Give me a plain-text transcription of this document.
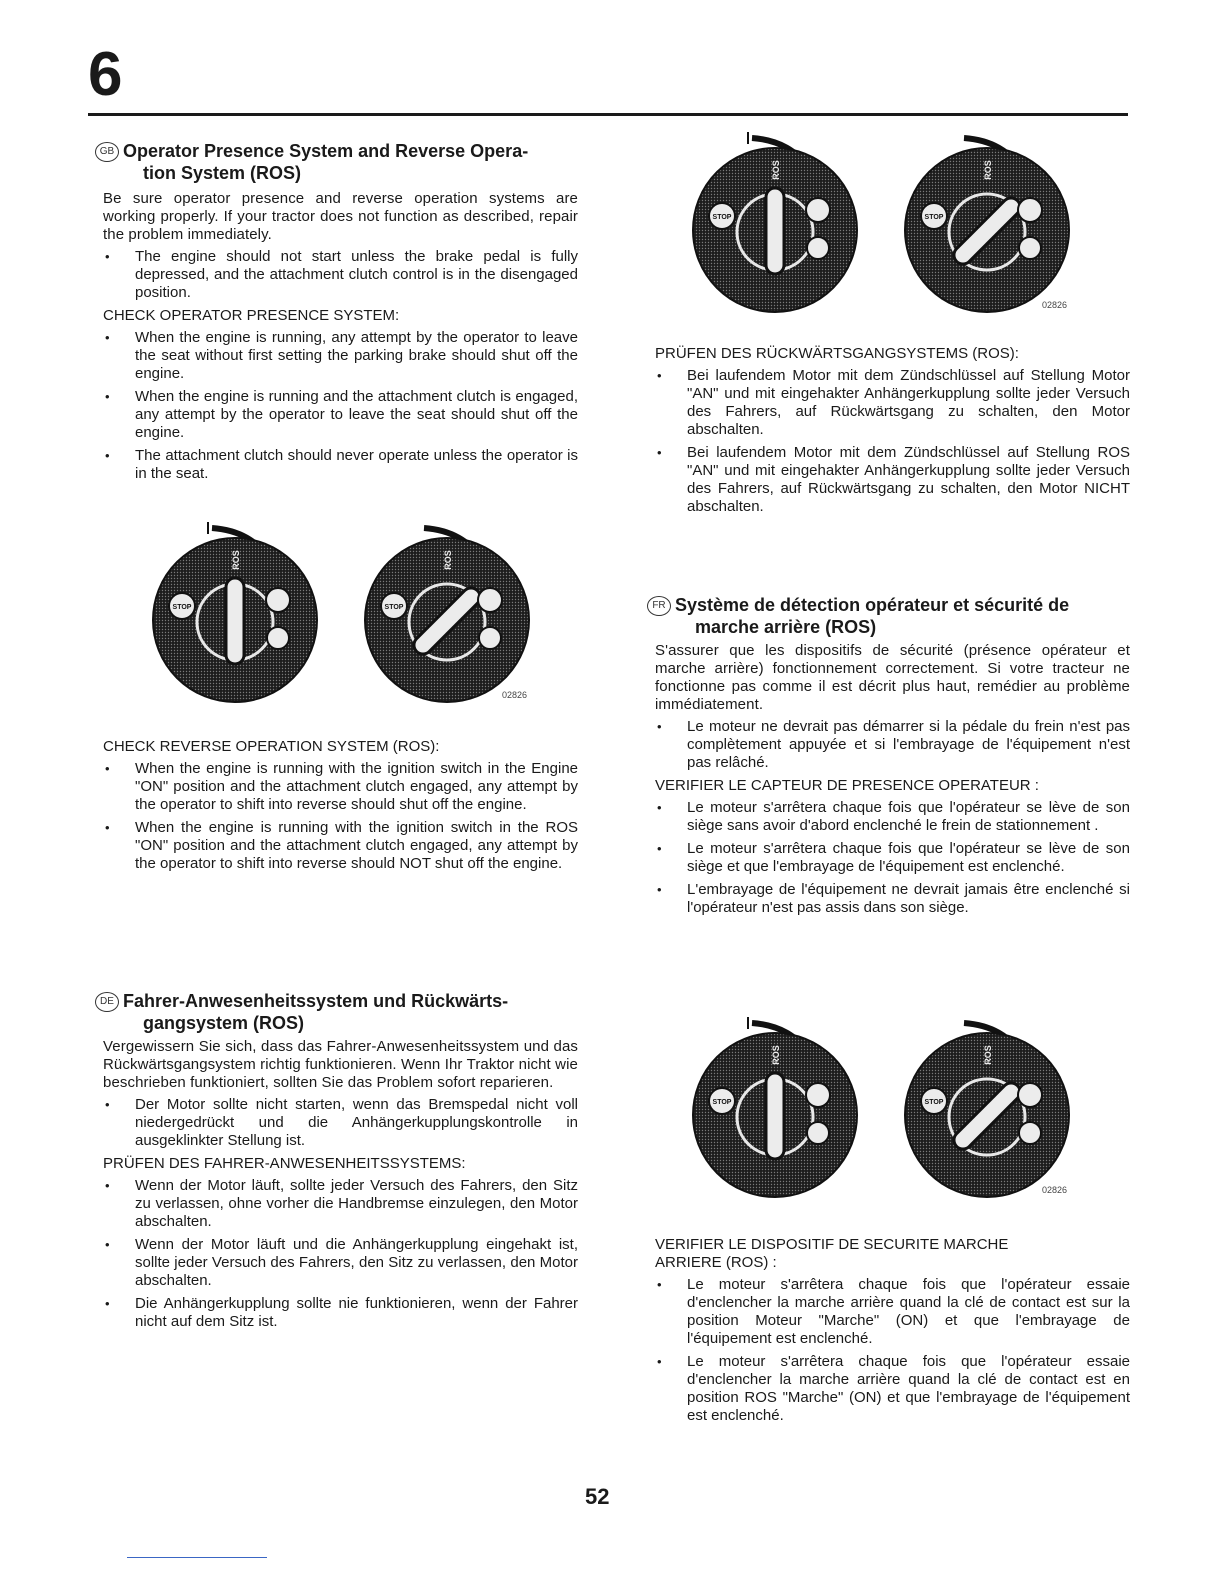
6
GB Operator Presence System and Reverse Opera-
tion System (ROS)

Be sure operator presence and reverse operation systems are working properly. If your tractor does not function as described, repair the problem immediately.

• The engine should not start unless the brake pedal is fully depressed, and the attachment clutch control is in the disengaged position.
CHECK OPERATOR PRESENCE SYSTEM:
• When the engine is running, any attempt by the operator to leave the seat without first setting the parking brake should shut off the engine.
• When the engine is running and the attachment clutch is engaged, any attempt by the operator to leave the seat should shut off the engine.
• The attachment clutch should never operate unless the operator is in the seat.
STOP
ROS
STOP
ROS
02826
CHECK REVERSE OPERATION SYSTEM (ROS):
• When the engine is running with the ignition switch in the Engine "ON" position and the attachment clutch engaged, any attempt by the operator to shift into reverse should shut off the engine.
• When the engine is running with the ignition switch in the ROS "ON" position and the attachment clutch engaged, any attempt by the operator to shift into reverse should NOT shut off the engine.
DE Fahrer-Anwesenheitssystem und Rückwärts-
gangsystem (ROS)

Vergewissern Sie sich, dass das Fahrer-Anwesenheitssystem und das Rückwärtsgangsystem richtig funktionieren. Wenn Ihr Traktor nicht wie beschrieben funktioniert, sollten Sie das Problem sofort reparieren.

• Der Motor sollte nicht starten, wenn das Bremspedal nicht voll niedergedrückt und die Anhängerkupplungskontrolle in ausgeklinkter Stellung ist.
PRÜFEN DES FAHRER-ANWESENHEITSSYSTEMS:
• Wenn der Motor läuft, sollte jeder Versuch des Fahrers, den Sitz zu verlassen, ohne vorher die Handbremse einzulegen, den Motor abschalten.
• Wenn der Motor läuft und die Anhängerkupplung eingehakt ist, sollte jeder Versuch des Fahrers, den Sitz zu verlassen, den Motor abschalten.
• Die Anhängerkupplung sollte nie funktionieren, wenn der Fahrer nicht auf dem Sitz ist.
STOP
ROS
STOP
ROS
02826
PRÜFEN DES RÜCKWÄRTSGANGSYSTEMS (ROS):
• Bei laufendem Motor mit dem Zündschlüssel auf Stellung Motor "AN" und mit eingehakter Anhängerkupplung sollte jeder Versuch des Fahrers, auf Rückwärtsgang zu schalten, den Motor abschalten.
• Bei laufendem Motor mit dem Zündschlüssel auf Stellung ROS "AN" und mit eingehakter Anhängerkupplung sollte jeder Versuch des Fahrers, auf Rückwärtsgang zu schalten, den Motor NICHT abschalten.
FR Système de détection opérateur et sécurité de
marche arrière (ROS)

S'assurer que les dispositifs de sécurité (présence opérateur et marche arrière) fonctionnement correctement. Si votre tracteur ne fonctionne pas comme il est décrit plus haut, remédier au problème immédiatement.

• Le moteur ne devrait pas démarrer si la pédale du frein n'est pas complètement appuyée et si l'embrayage de l'équipement n'est pas relâché.
VERIFIER LE CAPTEUR DE PRESENCE OPERATEUR :
• Le moteur s'arrêtera chaque fois que l'opérateur se lève de son siège sans avoir d'abord enclenché le frein de stationnement .
• Le moteur s'arrêtera chaque fois que l'opérateur se lève de son siège et que l'embrayage de l'équipement est enclenché.
• L'embrayage de l'équipement ne devrait jamais être enclenché si l'opérateur n'est pas assis dans son siège.
STOP
ROS
STOP
ROS
02826
VERIFIER LE DISPOSITIF DE SECURITE MARCHE
ARRIERE (ROS) :
• Le moteur s'arrêtera chaque fois que l'opérateur essaie d'enclencher la marche arrière quand la clé de contact est sur la position Moteur "Marche" (ON) et que l'embrayage de l'équipement est enclenché.
• Le moteur s'arrêtera chaque fois que l'opérateur essaie d'enclencher la marche arrière quand la clé de contact est en position ROS "Marche" (ON) et que l'embrayage de l'équipement est enclenché.
52
